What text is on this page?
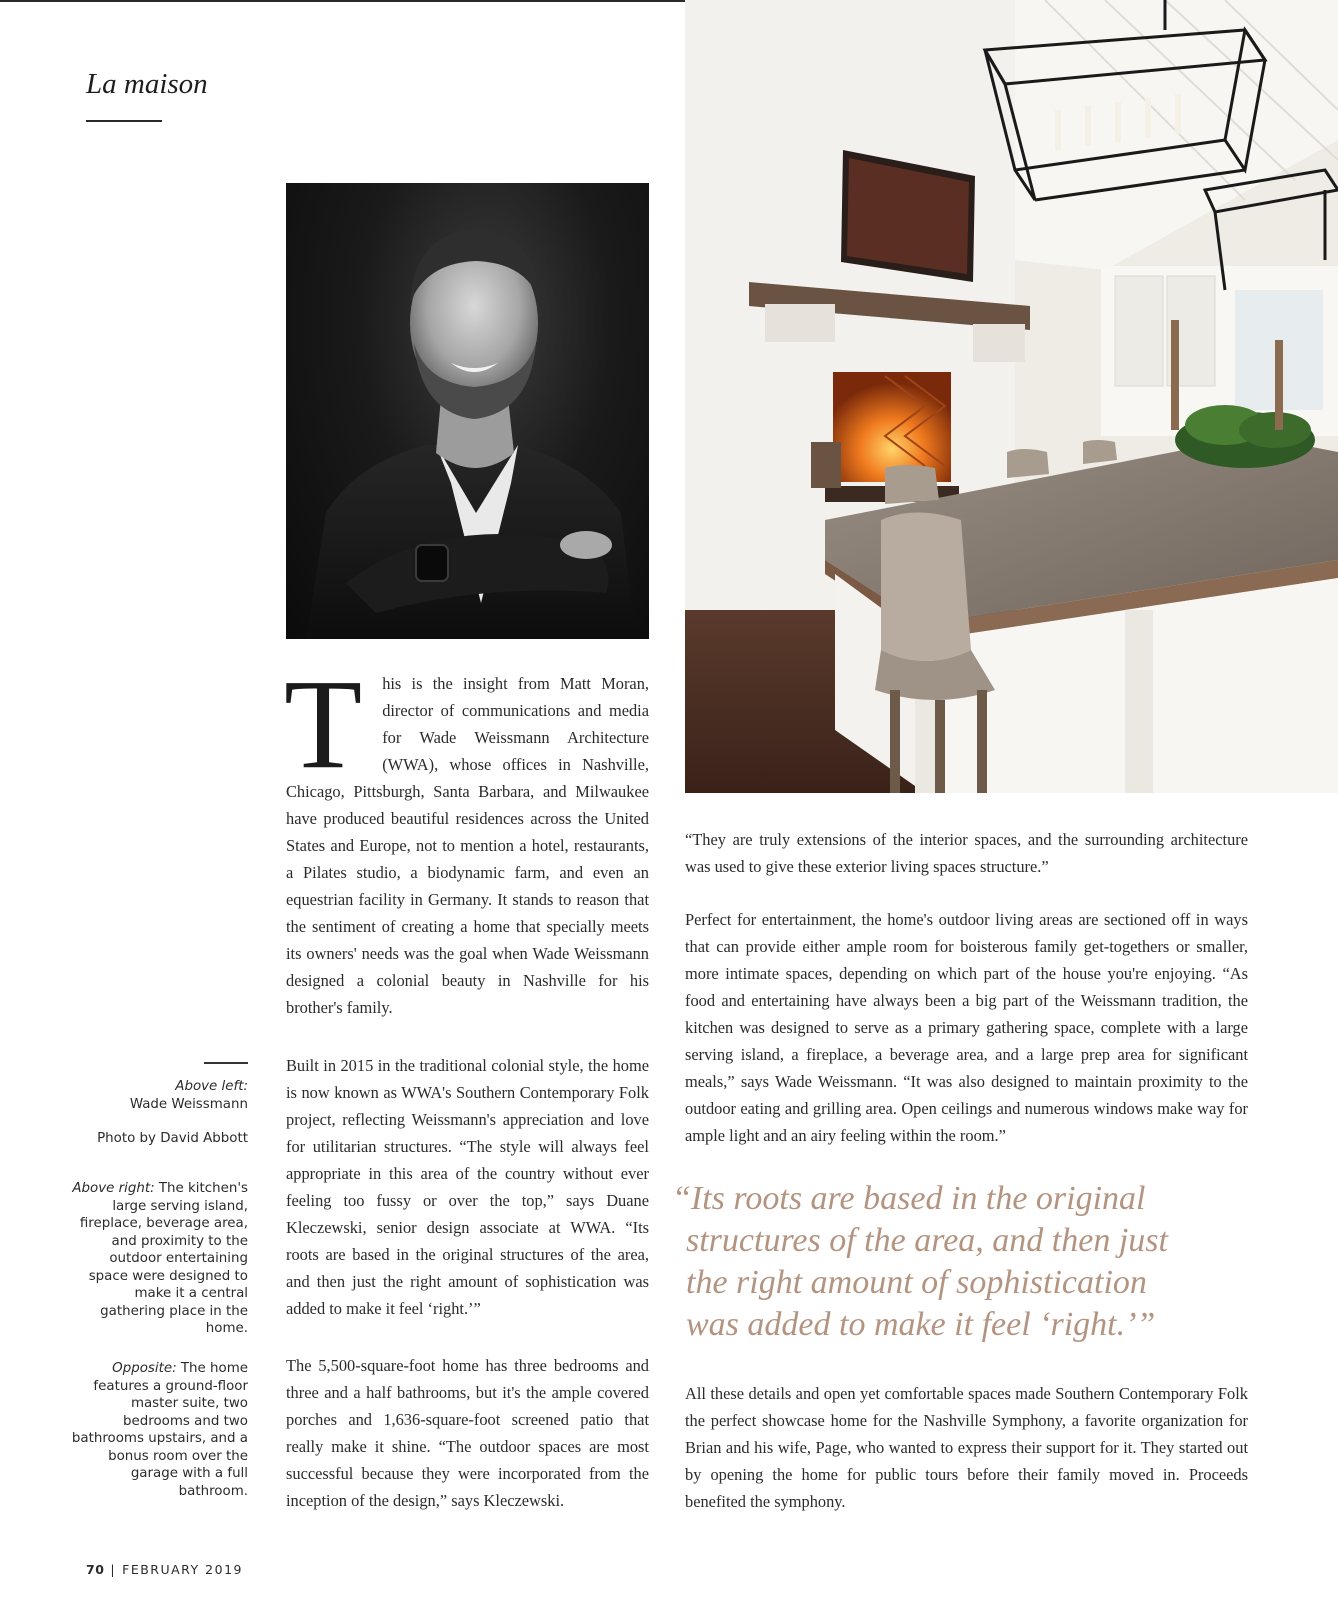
La maison
T his is the insight from Matt Moran, director of communications and media for Wade Weissmann Architecture (WWA), whose offices in Nashville, Chicago, Pittsburgh, Santa Barbara, and Milwaukee have produced beautiful residences across the United States and Europe, not to mention a hotel, restaurants, a Pilates studio, a biodynamic farm, and even an equestrian facility in Germany. It stands to reason that the sentiment of creating a home that specially meets its owners' needs was the goal when Wade Weissmann designed a colonial beauty in Nashville for his brother's family.
Built in 2015 in the traditional colonial style, the home is now known as WWA's Southern Contemporary Folk project, reflecting Weissmann's appreciation and love for utilitarian structures. “The style will always feel appropriate in this area of the country without ever feeling too fussy or over the top,” says Duane Kleczewski, senior design associate at WWA. “Its roots are based in the original structures of the area, and then just the right amount of sophistication was added to make it feel ‘right.’”
The 5,500-square-foot home has three bedrooms and three and a half bathrooms, but it's the ample covered porches and 1,636-square-foot screened patio that really make it shine. “The outdoor spaces are most successful because they were incorporated from the inception of the design,” says Kleczewski.
“They are truly extensions of the interior spaces, and the surrounding architecture was used to give these exterior living spaces structure.”
Perfect for entertainment, the home's outdoor living areas are sectioned off in ways that can provide either ample room for boisterous family get-togethers or smaller, more intimate spaces, depending on which part of the house you're enjoying. “As food and entertaining have always been a big part of the Weissmann tradition, the kitchen was designed to serve as a primary gathering space, complete with a large serving island, a fireplace, a beverage area, and a large prep area for significant meals,” says Wade Weissmann. “It was also designed to maintain proximity to the outdoor eating and grilling area. Open ceilings and numerous windows make way for ample light and an airy feeling within the room.”
“Its roots are based in the original
structures of the area, and then just
the right amount of sophistication
was added to make it feel ‘right.’”
All these details and open yet comfortable spaces made Southern Contemporary Folk the perfect showcase home for the Nashville Symphony, a favorite organization for Brian and his wife, Page, who wanted to express their support for it. They started out by opening the home for public tours before their family moved in. Proceeds benefited the symphony.
Above left:
Wade Weissmann
Photo by David Abbott
Above right: The kitchen's large serving island, fireplace, beverage area, and proximity to the outdoor entertaining space were designed to make it a central gathering place in the home.
Opposite: The home features a ground-floor master suite, two bedrooms and two bathrooms upstairs, and a bonus room over the garage with a full bathroom.
70 | FEBRUARY 2019
